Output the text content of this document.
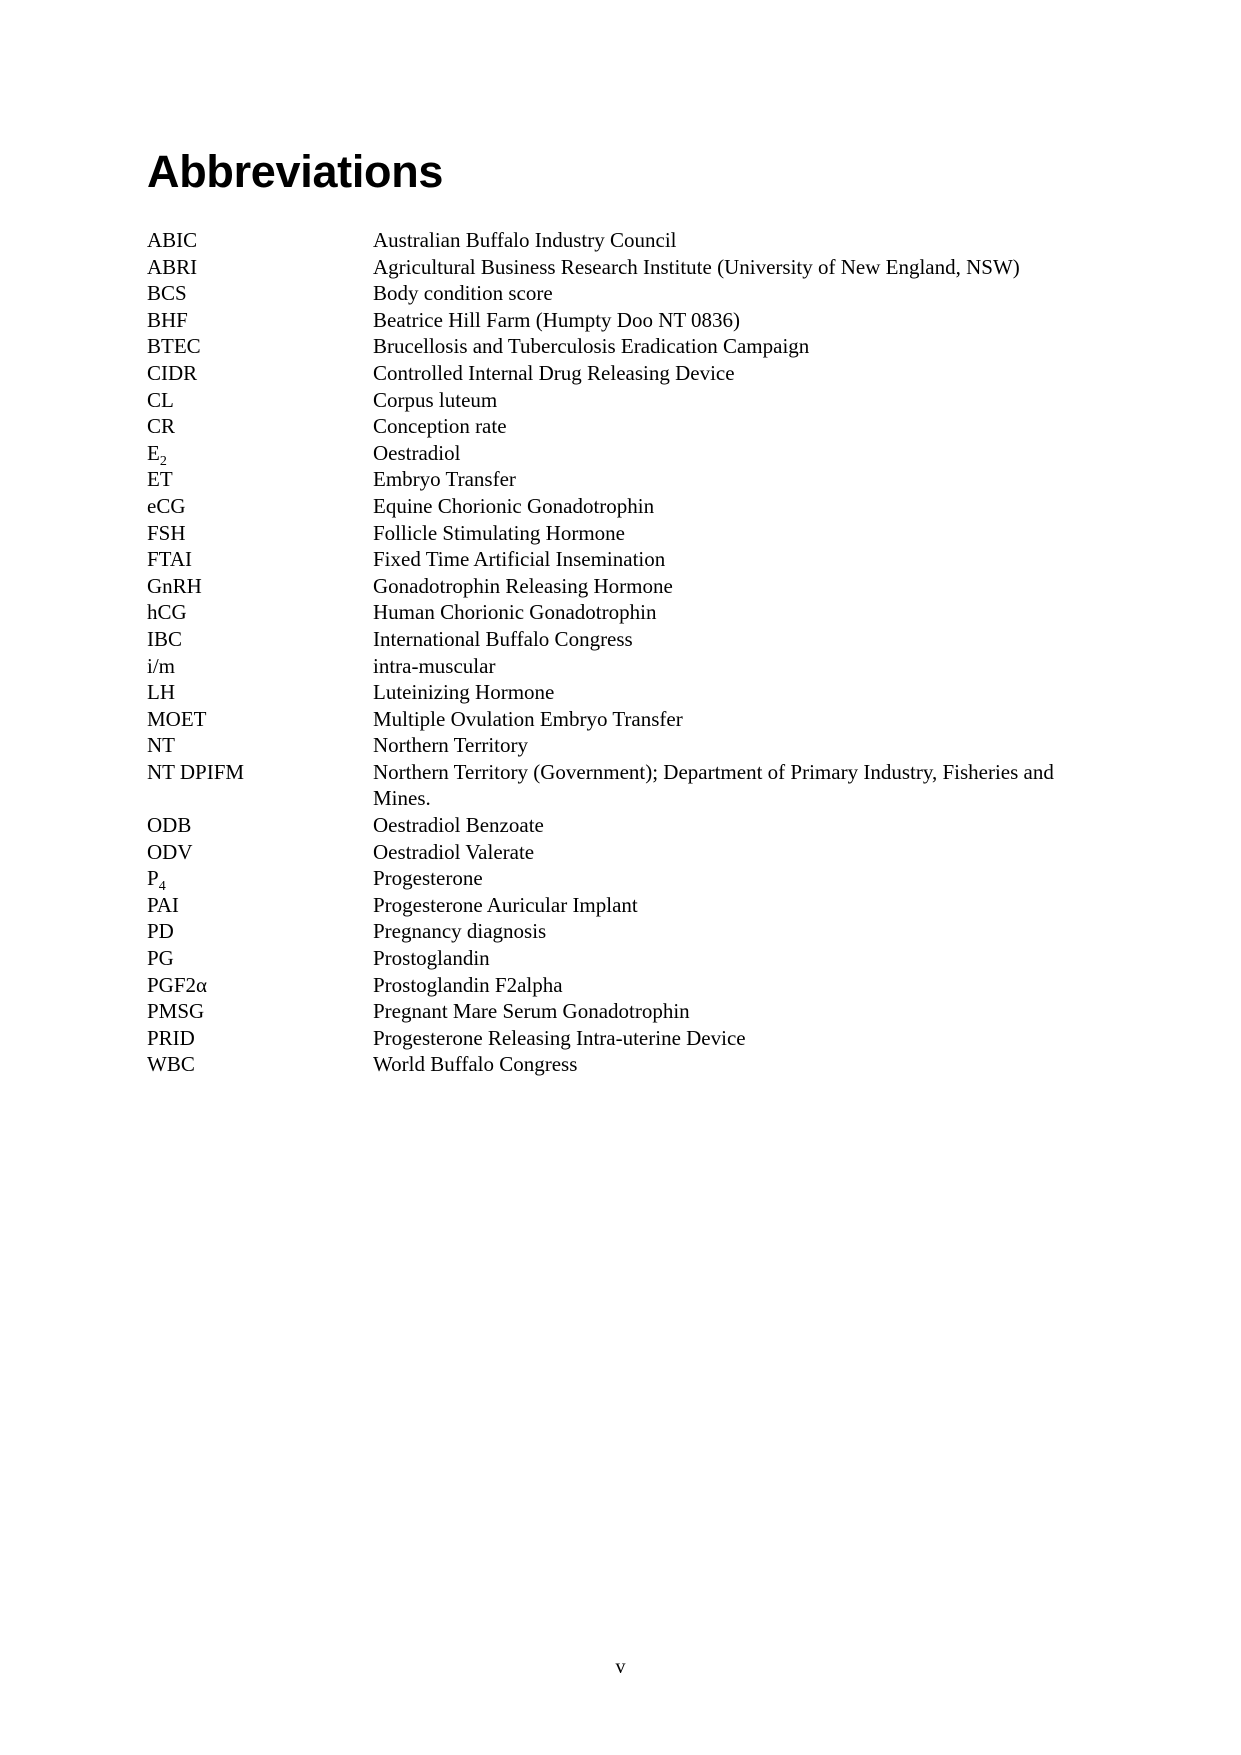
Abbreviations
ABIC	Australian Buffalo Industry Council
ABRI	Agricultural Business Research Institute (University of New England, NSW)
BCS	Body condition score
BHF	Beatrice Hill Farm (Humpty Doo NT 0836)
BTEC	Brucellosis and Tuberculosis Eradication Campaign
CIDR	Controlled Internal Drug Releasing Device
CL	Corpus luteum
CR	Conception rate
$E_2$	Oestradiol
ET	Embryo Transfer
eCG	Equine Chorionic Gonadotrophin
FSH	Follicle Stimulating Hormone
FTAI	Fixed Time Artificial Insemination
GnRH	Gonadotrophin Releasing Hormone
hCG	Human Chorionic Gonadotrophin
IBC	International Buffalo Congress
i/m	intra-muscular
LH	Luteinizing Hormone
MOET	Multiple Ovulation Embryo Transfer
NT	Northern Territory
NT DPIFM	Northern Territory (Government); Department of Primary Industry, Fisheries and Mines.
ODB	Oestradiol Benzoate
ODV	Oestradiol Valerate
$P_4$	Progesterone
PAI	Progesterone Auricular Implant
PD	Pregnancy diagnosis
PG	Prostoglandin
PGF2α	Prostoglandin F2alpha
PMSG	Pregnant Mare Serum Gonadotrophin
PRID	Progesterone Releasing Intra-uterine Device
WBC	World Buffalo Congress
v
